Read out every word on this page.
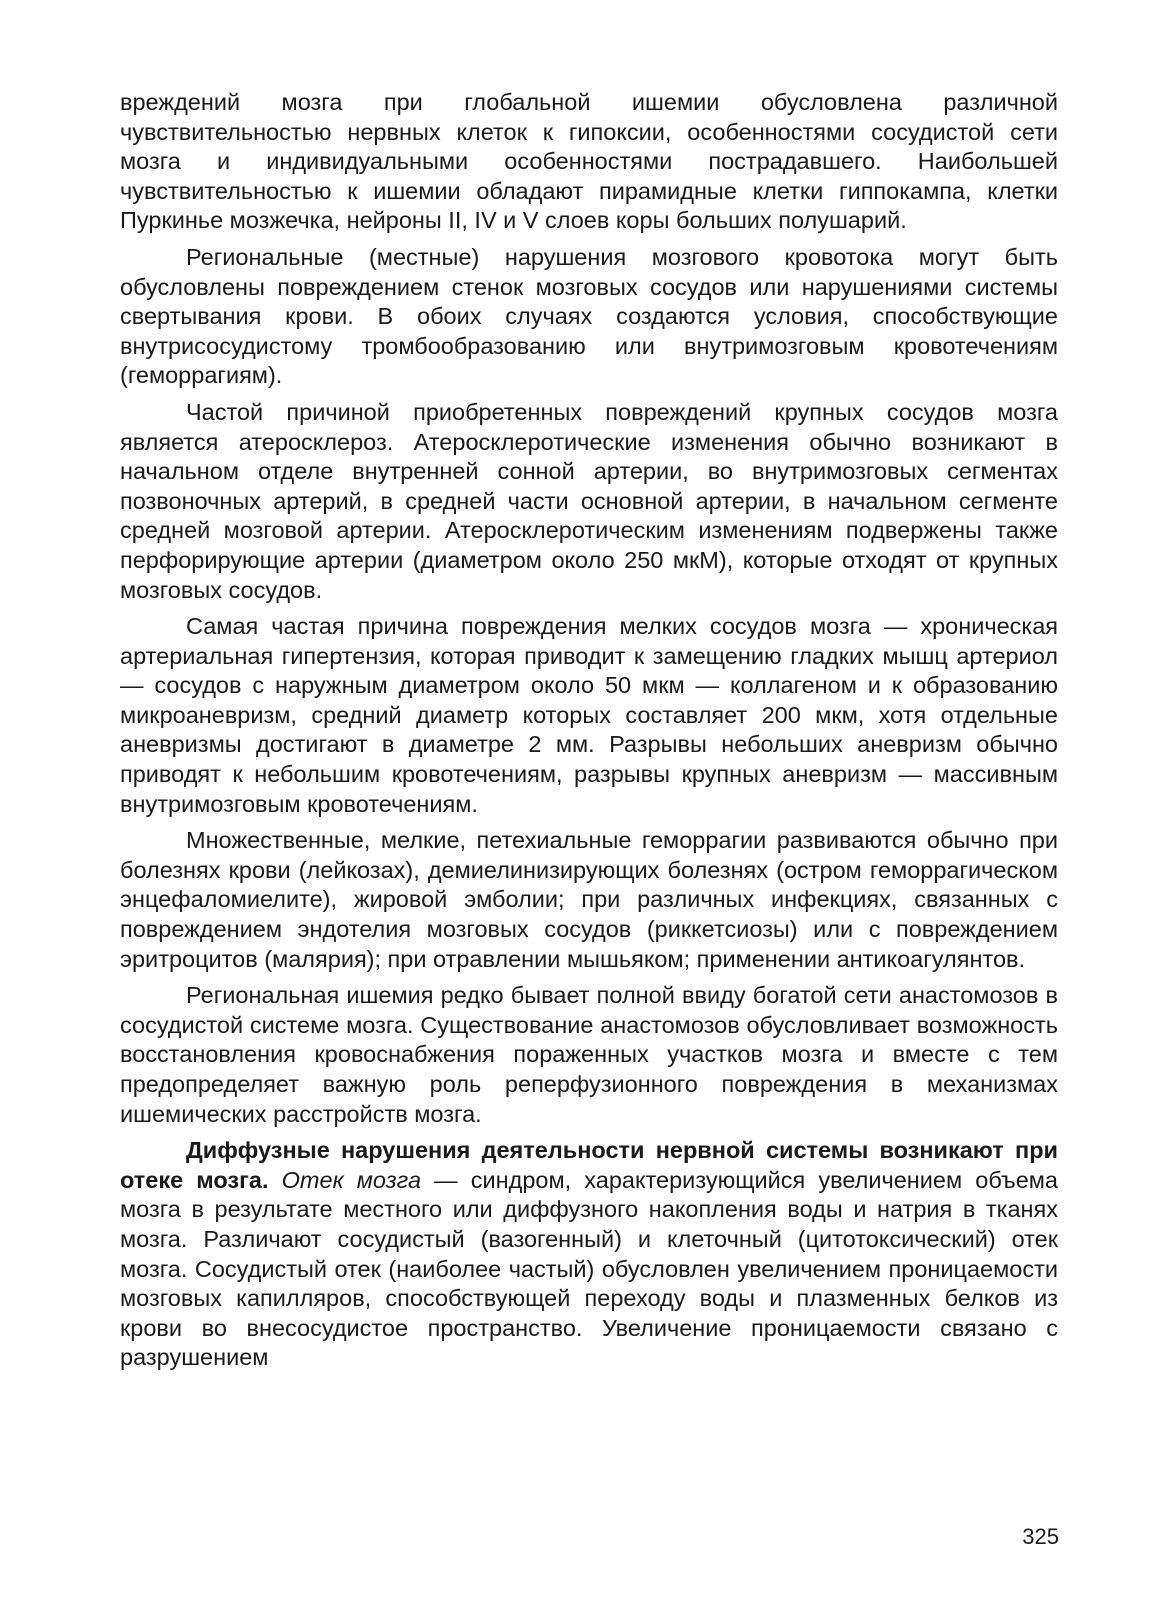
вреждений мозга при глобальной ишемии обусловлена различной чувствительностью нервных клеток к гипоксии, особенностями сосудистой сети мозга и индивидуальными особенностями пострадавшего. Наибольшей чувствительностью к ишемии обладают пирамидные клетки гиппокампа, клетки Пуркинье мозжечка, нейроны II, IV и V слоев коры больших полушарий.

Региональные (местные) нарушения мозгового кровотока могут быть обусловлены повреждением стенок мозговых сосудов или нарушениями системы свертывания крови. В обоих случаях создаются условия, способствующие внутрисосудистому тромбообразованию или внутримозговым кровотечениям (геморрагиям).

Частой причиной приобретенных повреждений крупных сосудов мозга является атеросклероз. Атеросклеротические изменения обычно возникают в начальном отделе внутренней сонной артерии, во внутримозговых сегментах позвоночных артерий, в средней части основной артерии, в начальном сегменте средней мозговой артерии. Атеросклеротическим изменениям подвержены также перфорирующие артерии (диаметром около 250 мкМ), которые отходят от крупных мозговых сосудов.

Самая частая причина повреждения мелких сосудов мозга — хроническая артериальная гипертензия, которая приводит к замещению гладких мышц артериол — сосудов с наружным диаметром около 50 мкм — коллагеном и к образованию микроаневризм, средний диаметр которых составляет 200 мкм, хотя отдельные аневризмы достигают в диаметре 2 мм. Разрывы небольших аневризм обычно приводят к небольшим кровотечениям, разрывы крупных аневризм — массивным внутримозговым кровотечениям.

Множественные, мелкие, петехиальные геморрагии развиваются обычно при болезнях крови (лейкозах), демиелинизирующих болезнях (остром геморрагическом энцефаломиелите), жировой эмболии; при различных инфекциях, связанных с повреждением эндотелия мозговых сосудов (риккетсиозы) или с повреждением эритроцитов (малярия); при отравлении мышьяком; применении антикоагулянтов.

Региональная ишемия редко бывает полной ввиду богатой сети анастомозов в сосудистой системе мозга. Существование анастомозов обусловливает возможность восстановления кровоснабжения пораженных участков мозга и вместе с тем предопределяет важную роль реперфузионного повреждения в механизмах ишемических расстройств мозга.

Диффузные нарушения деятельности нервной системы возникают при отеке мозга. Отек мозга — синдром, характеризующийся увеличением объема мозга в результате местного или диффузного накопления воды и натрия в тканях мозга. Различают сосудистый (вазогенный) и клеточный (цитотоксический) отек мозга. Сосудистый отек (наиболее частый) обусловлен увеличением проницаемости мозговых капилляров, способствующей переходу воды и плазменных белков из крови во внесосудистое пространство. Увеличение проницаемости связано с разрушением

325
